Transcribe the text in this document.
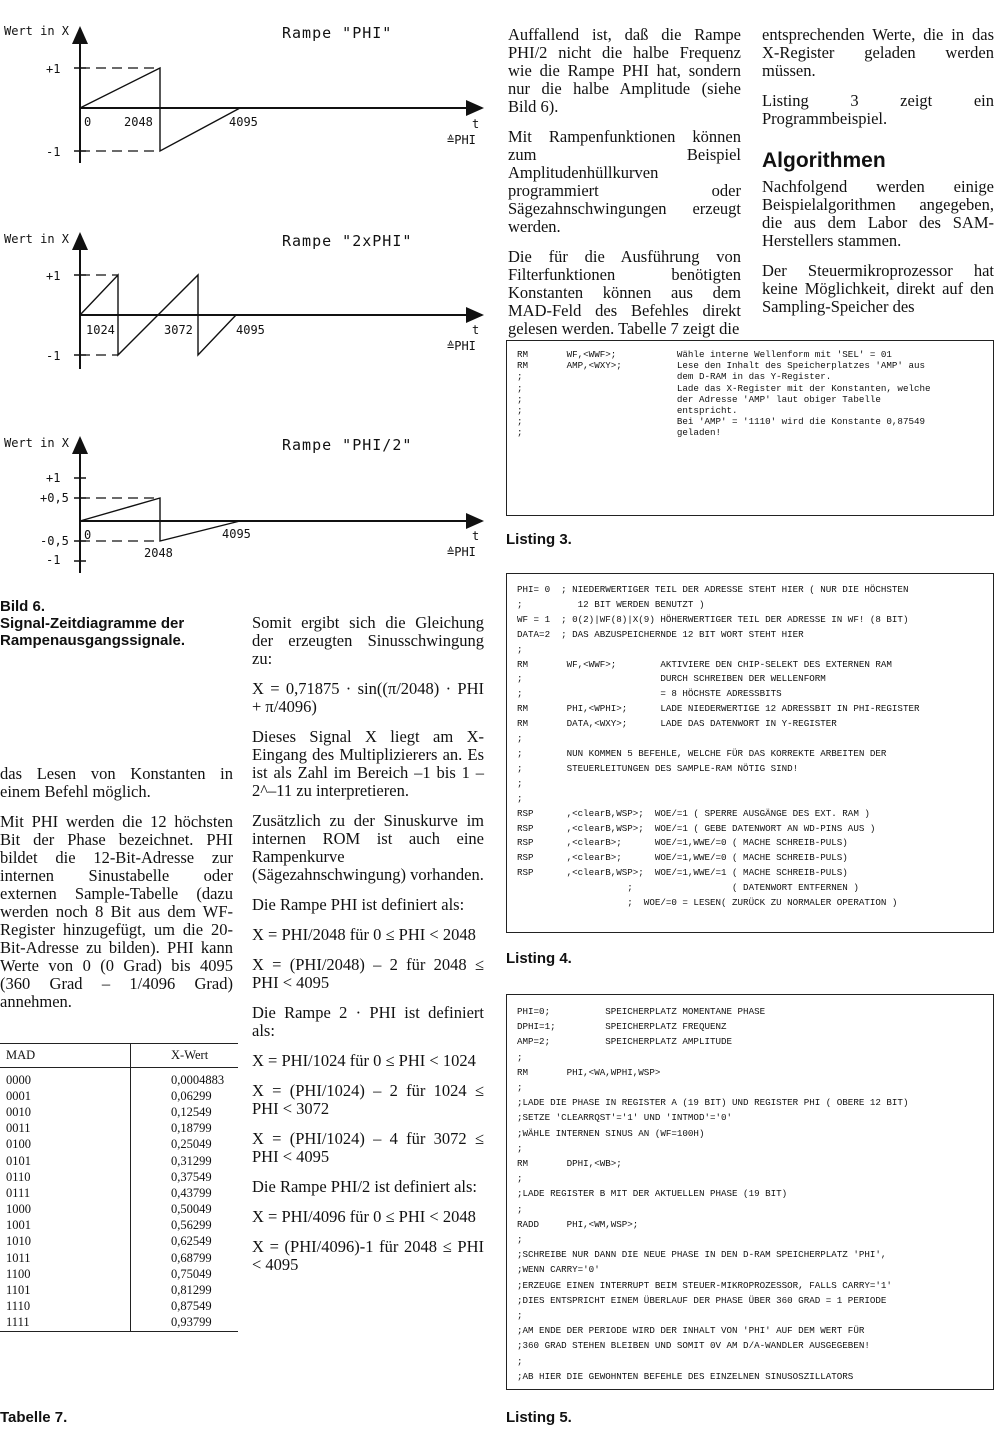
Wert in X	Rampe "PHI"
+1
-1
0	2048	4095	t
≙PHI
Wert in X	Rampe "2xPHI"
+1
-1
1024	3072	4095	t
≙PHI
Wert in X	Rampe "PHI/2"
+1
+0,5
-0,5
-1
0
2048
4095	t
≙PHI
Bild 6.
Signal-Zeitdiagramme der
Rampenausgangssignale.

das Lesen von Konstanten in einem Befehl möglich.

Mit PHI werden die 12 höchsten Bit der Phase bezeichnet. PHI bildet die 12-Bit-Adresse zur internen Sinustabelle oder externen Sample-Tabelle (dazu werden noch 8 Bit aus dem WF-Register hinzugefügt, um die 20-Bit-Adresse zu bilden). PHI kann Werte von 0 (0 Grad) bis 4095 (360 Grad – 1/4096 Grad) annehmen.

MAD	X-Wert
0000	0,0004883
0001	0,06299
0010	0,12549
0011	0,18799
0100	0,25049
0101	0,31299
0110	0,37549
0111	0,43799
1000	0,50049
1001	0,56299
1010	0,62549
1011	0,68799
1100	0,75049
1101	0,81299
1110	0,87549
1111	0,93799
Tabelle 7.

Somit ergibt sich die Gleichung der erzeugten Sinusschwingung zu:

X = 0,71875 · sin((π/2048) · PHI + π/4096)

Dieses Signal X liegt am X-Eingang des Multiplizierers an. Es ist als Zahl im Bereich –1 bis 1 – 2^–11 zu interpretieren.

Zusätzlich zu der Sinuskurve im internen ROM ist auch eine Rampenkurve (Sägezahnschwingung) vorhanden.

Die Rampe PHI ist definiert als:

X = PHI/2048 für 0 ≤ PHI < 2048

X = (PHI/2048) – 2 für 2048 ≤ PHI < 4095

Die Rampe 2 · PHI ist definiert als:

X = PHI/1024 für 0 ≤ PHI < 1024

X = (PHI/1024) – 2 für 1024 ≤ PHI < 3072

X = (PHI/1024) – 4 für 3072 ≤ PHI < 4095

Die Rampe PHI/2 ist definiert als:

X = PHI/4096 für 0 ≤ PHI < 2048

X = (PHI/4096)-1 für 2048 ≤ PHI < 4095

Auffallend ist, daß die Rampe PHI/2 nicht die halbe Frequenz wie die Rampe PHI hat, sondern nur die halbe Amplitude (siehe Bild 6).

Mit Rampenfunktionen können zum Beispiel Amplitudenhüllkurven programmiert oder Sägezahnschwingungen erzeugt werden.

Die für die Ausführung von Filterfunktionen benötigten Konstanten können aus dem MAD-Feld des Befehles direkt gelesen werden. Tabelle 7 zeigt die

entsprechenden Werte, die in das X-Register geladen werden müssen.

Listing 3 zeigt ein Programmbeispiel.

Algorithmen

Nachfolgend werden einige Beispielalgorithmen angegeben, die aus dem Labor des SAM-Herstellers stammen.

Der Steuermikroprozessor hat keine Möglichkeit, direkt auf den Sampling-Speicher des

RM       WF,<WWF>;           Wähle interne Wellenform mit 'SEL' = 01
RM       AMP,<WXY>;          Lese den Inhalt des Speicherplatzes 'AMP' aus
;                            dem D-RAM in das Y-Register.
;                            Lade das X-Register mit der Konstanten, welche
;                            der Adresse 'AMP' laut obiger Tabelle
;                            entspricht.
;                            Bei 'AMP' = '1110' wird die Konstante 0,87549
;                            geladen!
Listing 3.
PHI= 0  ; NIEDERWERTIGER TEIL DER ADRESSE STEHT HIER ( NUR DIE HÖCHSTEN
;          12 BIT WERDEN BENUTZT )
WF = 1  ; 0(2)|WF(8)|X(9) HÖHERWERTIGER TEIL DER ADRESSE IN WF! (8 BIT)
DATA=2  ; DAS ABZUSPEICHERNDE 12 BIT WORT STEHT HIER
;
RM       WF,<WWF>;        AKTIVIERE DEN CHIP-SELEKT DES EXTERNEN RAM
;                         DURCH SCHREIBEN DER WELLENFORM
;                         = 8 HÖCHSTE ADRESSBITS
RM       PHI,<WPHI>;      LADE NIEDERWERTIGE 12 ADRESSBIT IN PHI-REGISTER
RM       DATA,<WXY>;      LADE DAS DATENWORT IN Y-REGISTER
;
;        NUN KOMMEN 5 BEFEHLE, WELCHE FÜR DAS KORREKTE ARBEITEN DER
;        STEUERLEITUNGEN DES SAMPLE-RAM NÖTIG SIND!
;
;
RSP      ,<clearB,WSP>;  WOE/=1 ( SPERRE AUSGÄNGE DES EXT. RAM )
RSP      ,<clearB,WSP>;  WOE/=1 ( GEBE DATENWORT AN WD-PINS AUS )
RSP      ,<clearB>;      WOE/=1,WWE/=0 ( MACHE SCHREIB-PULS)
RSP      ,<clearB>;      WOE/=1,WWE/=0 ( MACHE SCHREIB-PULS)
RSP      ,<clearB,WSP>;  WOE/=1,WWE/=1 ( MACHE SCHREIB-PULS)
;                  ( DATENWORT ENTFERNEN )
;  WOE/=0 = LESEN( ZURÜCK ZU NORMALER OPERATION )
Listing 4.
PHI=0;          SPEICHERPLATZ MOMENTANE PHASE
DPHI=1;         SPEICHERPLATZ FREQUENZ
AMP=2;          SPEICHERPLATZ AMPLITUDE
;
RM       PHI,<WA,WPHI,WSP>
;
;LADE DIE PHASE IN REGISTER A (19 BIT) UND REGISTER PHI ( OBERE 12 BIT)
;SETZE 'CLEARRQST'='1' UND 'INTMOD'='0'
;WÄHLE INTERNEN SINUS AN (WF=100H)
;
RM       DPHI,<WB>;
;
;LADE REGISTER B MIT DER AKTUELLEN PHASE (19 BIT)
;
RADD     PHI,<WM,WSP>;
;
;SCHREIBE NUR DANN DIE NEUE PHASE IN DEN D-RAM SPEICHERPLATZ 'PHI',
;WENN CARRY='0'
;ERZEUGE EINEN INTERRUPT BEIM STEUER-MIKROPROZESSOR, FALLS CARRY='1'
;DIES ENTSPRICHT EINEM ÜBERLAUF DER PHASE ÜBER 360 GRAD = 1 PERIODE
;
;AM ENDE DER PERIODE WIRD DER INHALT VON 'PHI' AUF DEM WERT FÜR
;360 GRAD STEHEN BLEIBEN UND SOMIT 0V AM D/A-WANDLER AUSGEGEBEN!
;
;AB HIER DIE GEWOHNTEN BEFEHLE DES EINZELNEN SINUSOSZILLATORS
Listing 5.
